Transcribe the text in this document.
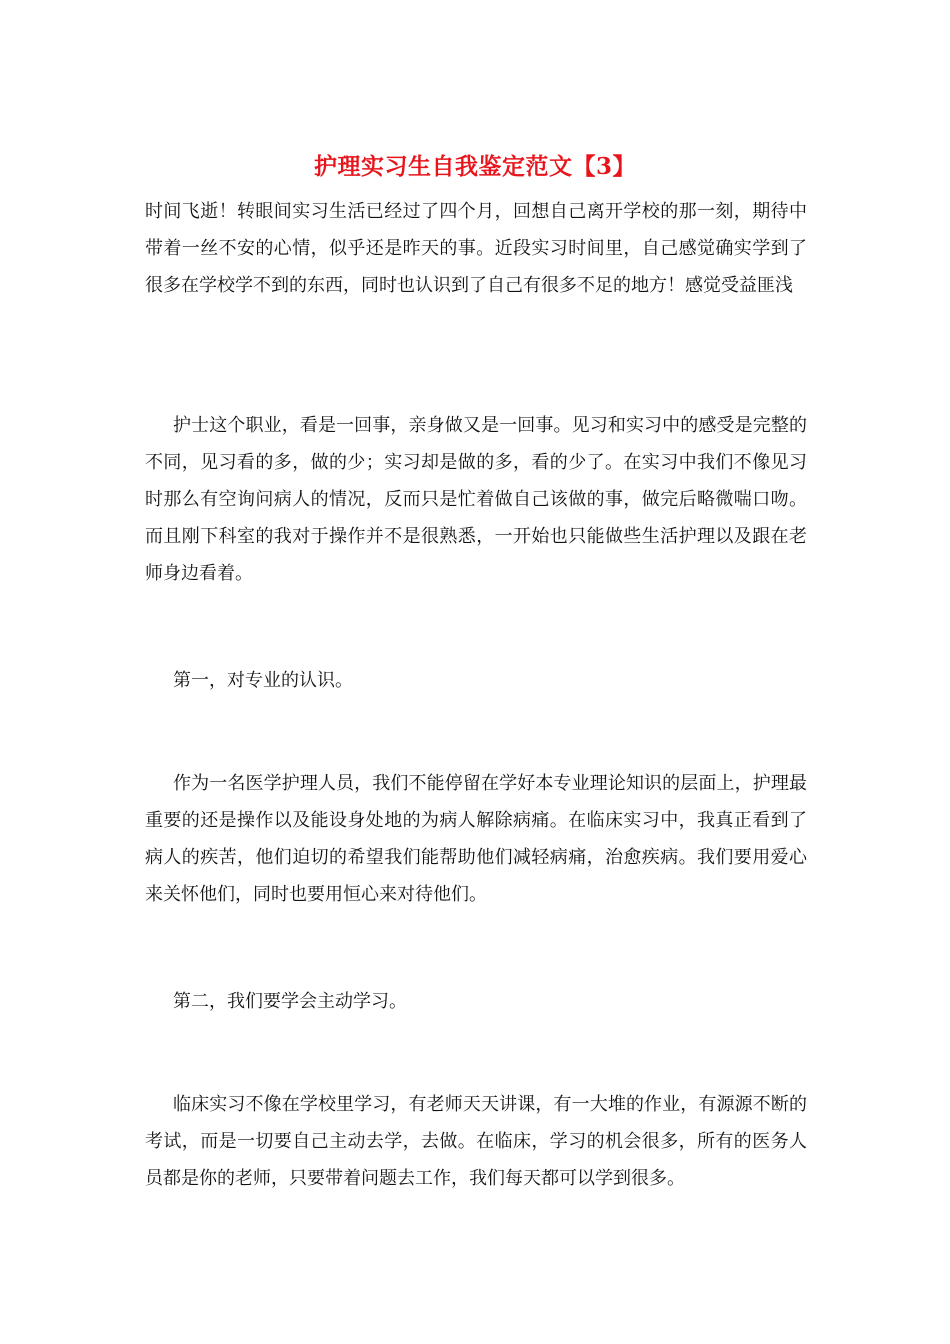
护理实习生自我鉴定范文【3】

时间飞逝！转眼间实习生活已经过了四个月，回想自己离开学校的那一刻，期待中带着一丝不安的心情，似乎还是昨天的事。近段实习时间里，自己感觉确实学到了很多在学校学不到的东西，同时也认识到了自己有很多不足的地方！感觉受益匪浅

护士这个职业，看是一回事，亲身做又是一回事。见习和实习中的感受是完整的不同，见习看的多，做的少；实习却是做的多，看的少了。在实习中我们不像见习时那么有空询问病人的情况，反而只是忙着做自己该做的事，做完后略微喘口吻。而且刚下科室的我对于操作并不是很熟悉，一开始也只能做些生活护理以及跟在老师身边看着。

第一，对专业的认识。

作为一名医学护理人员，我们不能停留在学好本专业理论知识的层面上，护理最重要的还是操作以及能设身处地的为病人解除病痛。在临床实习中，我真正看到了病人的疾苦，他们迫切的希望我们能帮助他们减轻病痛，治愈疾病。我们要用爱心来关怀他们，同时也要用恒心来对待他们。

第二，我们要学会主动学习。

临床实习不像在学校里学习，有老师天天讲课，有一大堆的作业，有源源不断的考试，而是一切要自己主动去学，去做。在临床，学习的机会很多，所有的医务人员都是你的老师，只要带着问题去工作，我们每天都可以学到很多。
